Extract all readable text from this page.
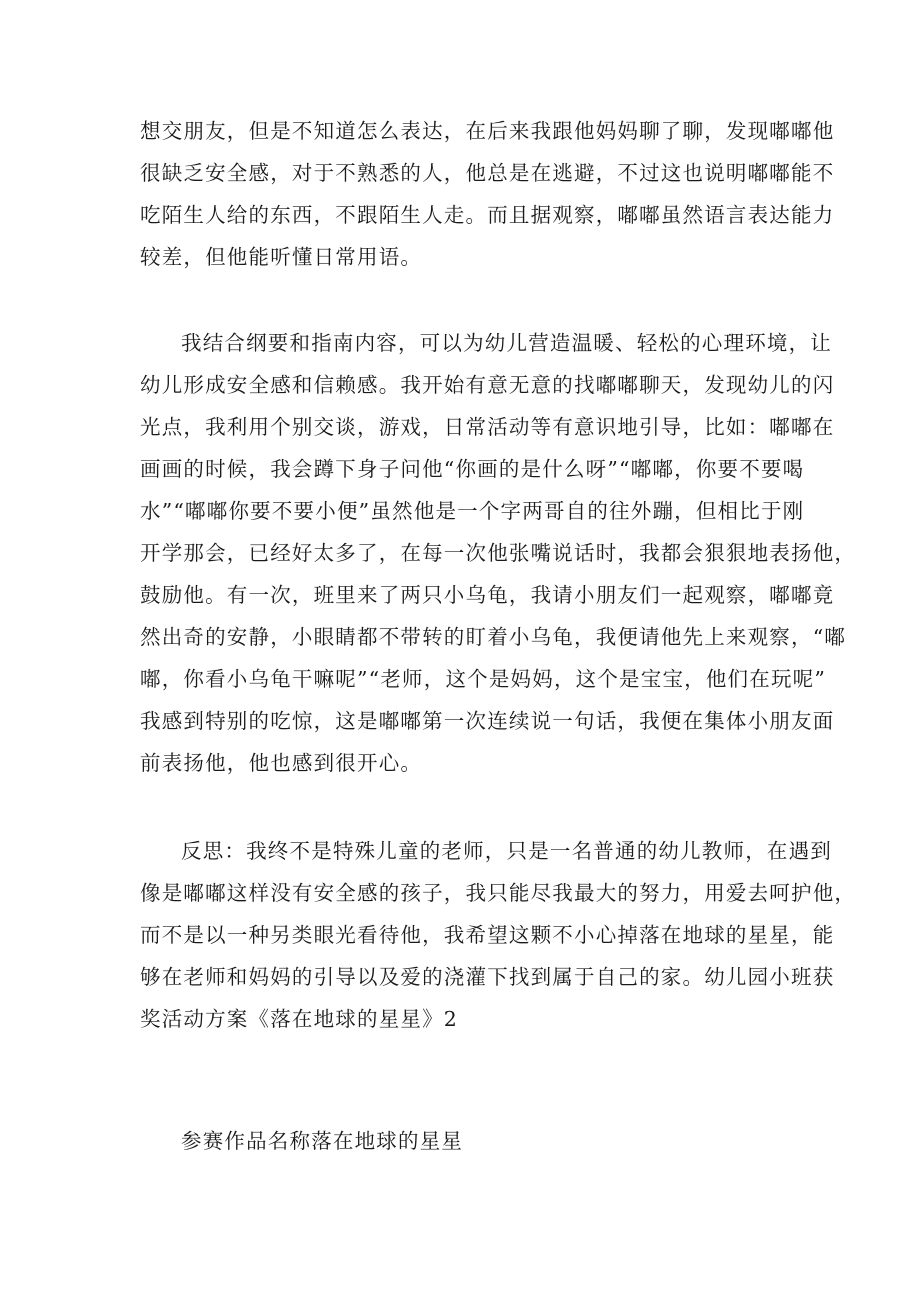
想交朋友，但是不知道怎么表达，在后来我跟他妈妈聊了聊，发现嘟嘟他
很缺乏安全感，对于不熟悉的人，他总是在逃避，不过这也说明嘟嘟能不
吃陌生人给的东西，不跟陌生人走。而且据观察，嘟嘟虽然语言表达能力
较差，但他能听懂日常用语。
我结合纲要和指南内容，可以为幼儿营造温暖、轻松的心理环境，让
幼儿形成安全感和信赖感。我开始有意无意的找嘟嘟聊天，发现幼儿的闪
光点，我利用个别交谈，游戏，日常活动等有意识地引导，比如：嘟嘟在
画画的时候，我会蹲下身子问他“你画的是什么呀”“嘟嘟，你要不要喝
水”“嘟嘟你要不要小便”虽然他是一个字两哥自的往外蹦，但相比于刚
开学那会，已经好太多了，在每一次他张嘴说话时，我都会狠狠地表扬他，
鼓励他。有一次，班里来了两只小乌龟，我请小朋友们一起观察，嘟嘟竟
然出奇的安静，小眼睛都不带转的盯着小乌龟，我便请他先上来观察，“嘟
嘟，你看小乌龟干嘛呢”“老师，这个是妈妈，这个是宝宝，他们在玩呢”
我感到特别的吃惊，这是嘟嘟第一次连续说一句话，我便在集体小朋友面
前表扬他，他也感到很开心。
反思：我终不是特殊儿童的老师，只是一名普通的幼儿教师，在遇到
像是嘟嘟这样没有安全感的孩子，我只能尽我最大的努力，用爱去呵护他，
而不是以一种另类眼光看待他，我希望这颗不小心掉落在地球的星星，能
够在老师和妈妈的引导以及爱的浇灌下找到属于自己的家。幼儿园小班获
奖活动方案《落在地球的星星》2
参赛作品名称落在地球的星星
